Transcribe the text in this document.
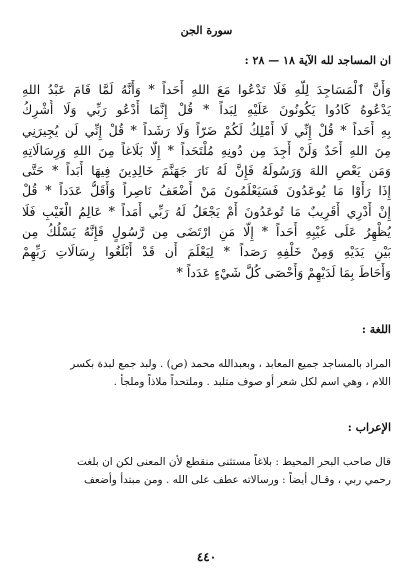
سورة الجن
ان المساجد لله الآية ١٨ — ٢٨ :
وَأَنَّ ٱلْمَسَاجِدَ لِلَّهِ فَلَا تَدْعُوا مَعَ اللهِ أَحَداً * وَأَنَّهُ لَمَّا قَامَ عَبْدُ اللهِ
يَدْعُوهُ كَادُوا يَكُونُونَ عَلَيْهِ لِبَداً * قُلْ إِنَّمَا أَدْعُو رَبِّي وَلَا أُشْرِكُ
بِهِ أَحَداً * قُلْ إِنِّي لَا أَمْلِكُ لَكُمْ ضَرّاً وَلَا رَشَداً * قُلْ إِنِّي لَن يُجِيرَنِي
مِنَ اللهِ أَحَدٌ وَلَنْ أَجِدَ مِن دُونِهِ مُلْتَحَداً * إِلَّا بَلَاغاً مِنَ اللهِ وَرِسَالَاتِهِ
وَمَن يَعْصِ اللهَ وَرَسُولَهُ فَإِنَّ لَهُ نَارَ جَهَنَّمَ خَالِدِينَ فِيهَا أَبَداً * حَتَّى
إِذَا رَأَوْا مَا يُوعَدُونَ فَسَيَعْلَمُونَ مَنْ أَضْعَفُ نَاصِراً وَأَقَلُّ عَدَداً * قُلْ
إِنْ أَدْرِي أَقَرِيبٌ مَا تُوعَدُونَ أَمْ يَجْعَلُ لَهُ رَبِّي أَمَداً * عَالِمُ الْغَيْبِ فَلَا
يُظْهِرُ عَلَى غَيْبِهِ أَحَداً * إِلَّا مَنِ ارْتَضَى مِن رَّسُولٍ فَإِنَّهُ يَسْلُكُ مِن
بَيْنِ يَدَيْهِ وَمِنْ خَلْفِهِ رَصَداً * لِيَعْلَمَ أَن قَدْ أَبْلَغُوا رِسَالَاتِ رَبِّهِمْ
وَأَحَاطَ بِمَا لَدَيْهِمْ وَأَحْصَى كُلَّ شَيْءٍ عَدَداً *
اللغة :
المراد بالمساجد جميع المعابد ، وبعبدالله محمد (ص) . ولبد جمع لبدة بكسر
اللام ، وهي اسم لكل شعر أو صوف متلبد . وملتحداً ملاذاً وملجأ .
الإعراب :
قال صاحب البحر المحيط : بلاغاً مستثنى منقطع لأن المعنى لكن ان بلغت
رحمي ربي ، وقـال أيضاً : ورسالاته عطف على الله . ومن مبتدأ وأضعف
٤٤٠
